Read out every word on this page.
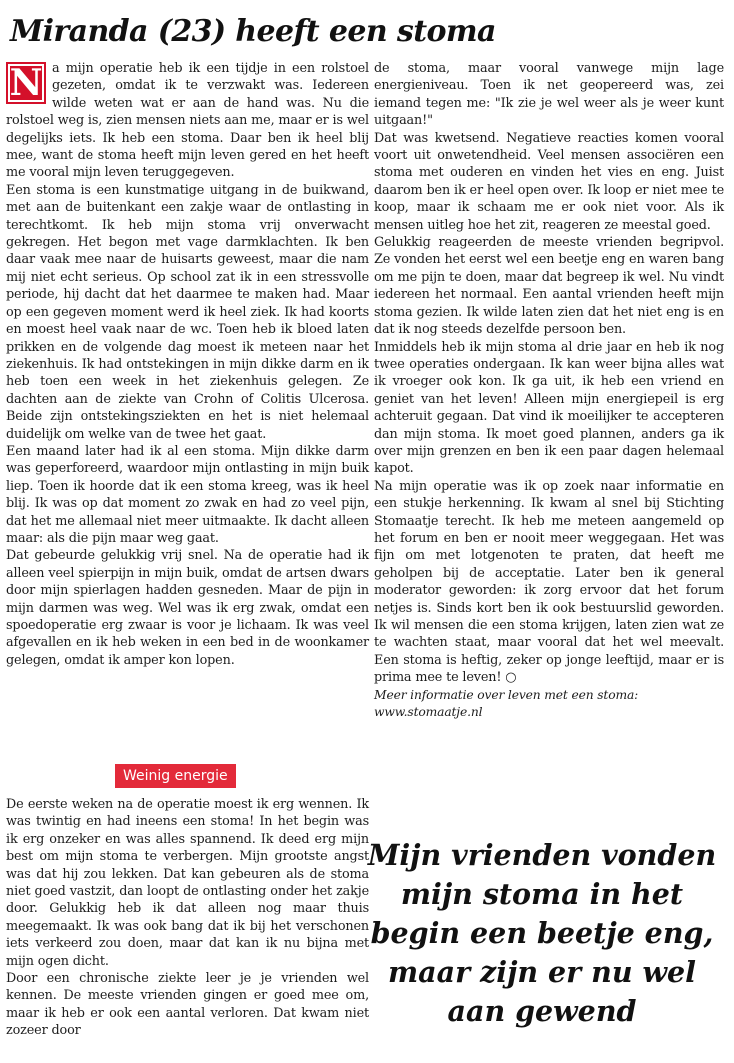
Miranda (23) heeft een stoma
N a mijn operatie heb ik een tijdje in een rolstoel gezeten, omdat ik te verzwakt was. Iedereen wilde weten wat er aan de hand was. Nu die rolstoel weg is, zien mensen niets aan me, maar er is wel degelijks iets. Ik heb een stoma. Daar ben ik heel blij mee, want de stoma heeft mijn leven gered en het heeft me vooral mijn leven teruggegeven.

Een stoma is een kunstmatige uitgang in de buikwand, met aan de buitenkant een zakje waar de ontlasting in terechtkomt. Ik heb mijn stoma vrij onverwacht gekregen. Het begon met vage darmklachten. Ik ben daar vaak mee naar de huisarts geweest, maar die nam mij niet echt serieus. Op school zat ik in een stressvolle periode, hij dacht dat het daarmee te maken had. Maar op een gegeven moment werd ik heel ziek. Ik had koorts en moest heel vaak naar de wc. Toen heb ik bloed laten prikken en de volgende dag moest ik meteen naar het ziekenhuis. Ik had ontstekingen in mijn dikke darm en ik heb toen een week in het ziekenhuis gelegen. Ze dachten aan de ziekte van Crohn of Colitis Ulcerosa. Beide zijn ontstekingsziekten en het is niet helemaal duidelijk om welke van de twee het gaat.

Een maand later had ik al een stoma. Mijn dikke darm was geperforeerd, waardoor mijn ontlasting in mijn buik liep. Toen ik hoorde dat ik een stoma kreeg, was ik heel blij. Ik was op dat moment zo zwak en had zo veel pijn, dat het me allemaal niet meer uitmaakte. Ik dacht alleen maar: als die pijn maar weg gaat.

Dat gebeurde gelukkig vrij snel. Na de operatie had ik alleen veel spierpijn in mijn buik, omdat de artsen dwars door mijn spierlagen hadden gesneden. Maar de pijn in mijn darmen was weg. Wel was ik erg zwak, omdat een spoedoperatie erg zwaar is voor je lichaam. Ik was veel afgevallen en ik heb weken in een bed in de woonkamer gelegen, omdat ik amper kon lopen.

Weinig energie

De eerste weken na de operatie moest ik erg wennen. Ik was twintig en had ineens een stoma! In het begin was ik erg onzeker en was alles spannend. Ik deed erg mijn best om mijn stoma te verbergen. Mijn grootste angst was dat hij zou lekken. Dat kan gebeuren als de stoma niet goed vastzit, dan loopt de ontlasting onder het zakje door. Gelukkig heb ik dat alleen nog maar thuis meegemaakt. Ik was ook bang dat ik bij het verschonen iets verkeerd zou doen, maar dat kan ik nu bijna met mijn ogen dicht.

Door een chronische ziekte leer je je vrienden wel kennen. De meeste vrienden gingen er goed mee om, maar ik heb er ook een aantal verloren. Dat kwam niet zozeer door

de stoma, maar vooral vanwege mijn lage energieniveau. Toen ik net geopereerd was, zei iemand tegen me: "Ik zie je wel weer als je weer kunt uitgaan!"

Dat was kwetsend. Negatieve reacties komen vooral voort uit onwetendheid. Veel mensen associëren een stoma met ouderen en vinden het vies en eng. Juist daarom ben ik er heel open over. Ik loop er niet mee te koop, maar ik schaam me er ook niet voor. Als ik mensen uitleg hoe het zit, reageren ze meestal goed.

Gelukkig reageerden de meeste vrienden begripvol. Ze vonden het eerst wel een beetje eng en waren bang om me pijn te doen, maar dat begreep ik wel. Nu vindt iedereen het normaal. Een aantal vrienden heeft mijn stoma gezien. Ik wilde laten zien dat het niet eng is en dat ik nog steeds dezelfde persoon ben.

Inmiddels heb ik mijn stoma al drie jaar en heb ik nog twee operaties ondergaan. Ik kan weer bijna alles wat ik vroeger ook kon. Ik ga uit, ik heb een vriend en geniet van het leven! Alleen mijn energiepeil is erg achteruit gegaan. Dat vind ik moeilijker te accepteren dan mijn stoma. Ik moet goed plannen, anders ga ik over mijn grenzen en ben ik een paar dagen helemaal kapot.

Na mijn operatie was ik op zoek naar informatie en een stukje herkenning. Ik kwam al snel bij Stichting Stomaatje terecht. Ik heb me meteen aangemeld op het forum en ben er nooit meer weggegaan. Het was fijn om met lotgenoten te praten, dat heeft me geholpen bij de acceptatie. Later ben ik general moderator geworden: ik zorg ervoor dat het forum netjes is. Sinds kort ben ik ook bestuurslid geworden. Ik wil mensen die een stoma krijgen, laten zien wat ze te wachten staat, maar vooral dat het wel meevalt. Een stoma is heftig, zeker op jonge leeftijd, maar er is prima mee te leven! ○

Meer informatie over leven met een stoma: www.stomaatje.nl

Mijn vrienden vonden mijn stoma in het begin een beetje eng, maar zijn er nu wel aan gewend
